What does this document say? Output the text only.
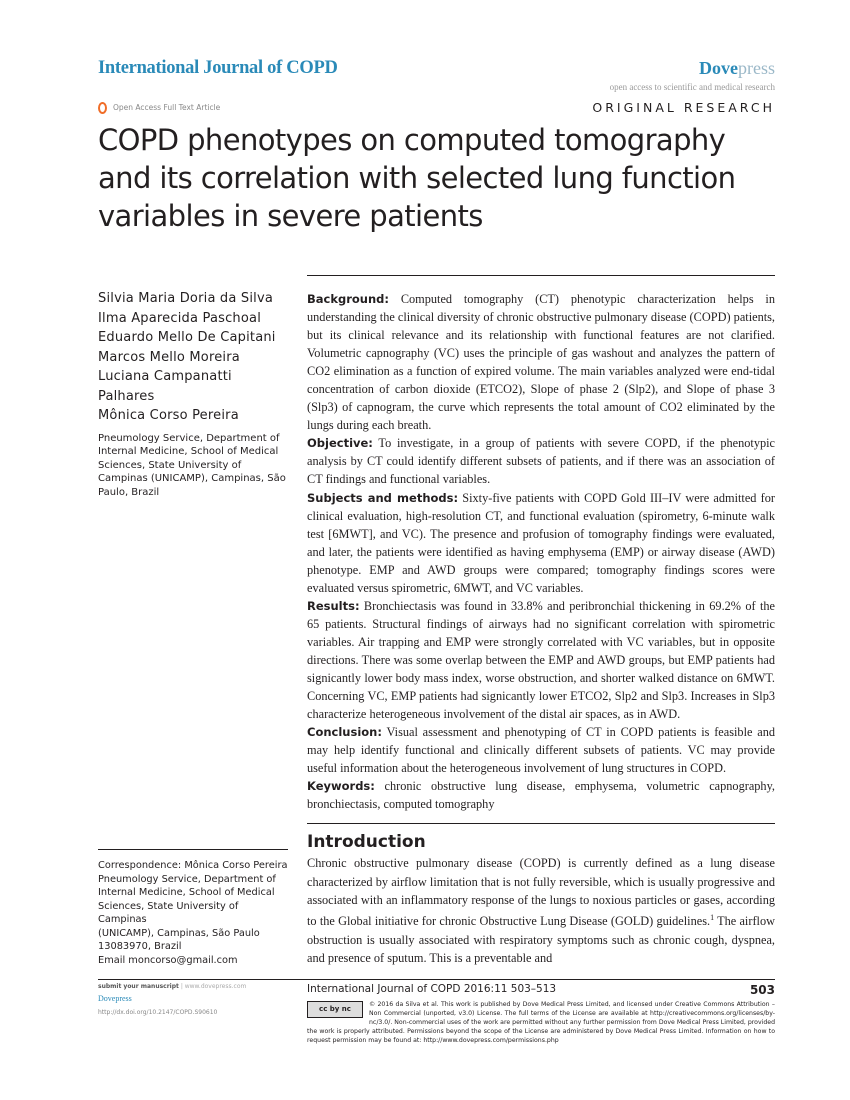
International Journal of COPD	Dovepress
open access to scientific and medical research
Open Access Full Text Article	ORIGINAL RESEARCH
COPD phenotypes on computed tomography and its correlation with selected lung function variables in severe patients
Silvia Maria Doria da Silva
Ilma Aparecida Paschoal
Eduardo Mello De Capitani
Marcos Mello Moreira
Luciana Campanatti Palhares
Mônica Corso Pereira
Pneumology Service, Department of Internal Medicine, School of Medical Sciences, State University of Campinas (UNICAMP), Campinas, São Paulo, Brazil
Correspondence: Mônica Corso Pereira
Pneumology Service, Department of
Internal Medicine, School of Medical
Sciences, State University of Campinas
(UNICAMP), Campinas, São Paulo
13083970, Brazil
Email moncorso@gmail.com

Background: Computed tomography (CT) phenotypic characterization helps in understanding the clinical diversity of chronic obstructive pulmonary disease (COPD) patients, but its clinical relevance and its relationship with functional features are not clarified. Volumetric capnography (VC) uses the principle of gas washout and analyzes the pattern of CO2 elimination as a function of expired volume. The main variables analyzed were end-tidal concentration of carbon dioxide (ETCO2), Slope of phase 2 (Slp2), and Slope of phase 3 (Slp3) of capnogram, the curve which represents the total amount of CO2 eliminated by the lungs during each breath.

Objective: To investigate, in a group of patients with severe COPD, if the phenotypic analysis by CT could identify different subsets of patients, and if there was an association of CT findings and functional variables.

Subjects and methods: Sixty-five patients with COPD Gold III–IV were admitted for clinical evaluation, high-resolution CT, and functional evaluation (spirometry, 6-minute walk test [6MWT], and VC). The presence and profusion of tomography findings were evaluated, and later, the patients were identified as having emphysema (EMP) or airway disease (AWD) phenotype. EMP and AWD groups were compared; tomography findings scores were evaluated versus spirometric, 6MWT, and VC variables.

Results: Bronchiectasis was found in 33.8% and peribronchial thickening in 69.2% of the 65 patients. Structural findings of airways had no significant correlation with spirometric variables. Air trapping and EMP were strongly correlated with VC variables, but in opposite directions. There was some overlap between the EMP and AWD groups, but EMP patients had signicantly lower body mass index, worse obstruction, and shorter walked distance on 6MWT. Concerning VC, EMP patients had signicantly lower ETCO2, Slp2 and Slp3. Increases in Slp3 characterize heterogeneous involvement of the distal air spaces, as in AWD.

Conclusion: Visual assessment and phenotyping of CT in COPD patients is feasible and may help identify functional and clinically different subsets of patients. VC may provide useful information about the heterogeneous involvement of lung structures in COPD.

Keywords: chronic obstructive lung disease, emphysema, volumetric capnography, bronchiectasis, computed tomography

Introduction
Chronic obstructive pulmonary disease (COPD) is currently defined as a lung disease characterized by airflow limitation that is not fully reversible, which is usually progressive and associated with an inflammatory response of the lungs to noxious particles or gases, according to the Global initiative for chronic Obstructive Lung Disease (GOLD) guidelines.$^1$ The airflow obstruction is usually associated with respiratory symptoms such as chronic cough, dyspnea, and presence of sputum. This is a preventable and
submit your manuscript | www.dovepress.com
Dovepress
http://dx.doi.org/10.2147/COPD.S90610
International Journal of COPD 2016:11 503–513	503
cc by nc
© 2016 da Silva et al. This work is published by Dove Medical Press Limited, and licensed under Creative Commons Attribution – Non Commercial (unported, v3.0) License. The full terms of the License are available at http://creativecommons.org/licenses/by-nc/3.0/. Non-commercial uses of the work are permitted without any further permission from Dove Medical Press Limited, provided the work is properly attributed. Permissions beyond the scope of the License are administered by Dove Medical Press Limited. Information on how to request permission may be found at: http://www.dovepress.com/permissions.php
